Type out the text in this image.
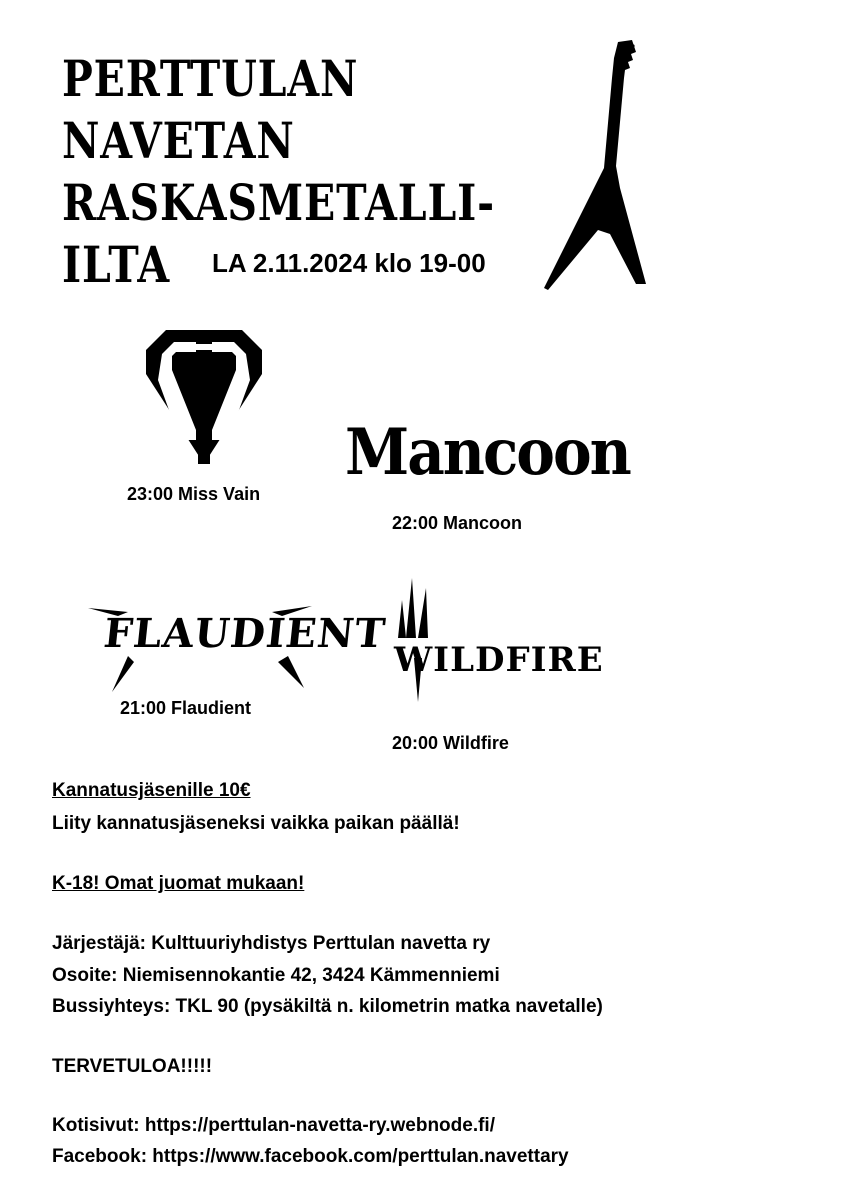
PERTTULAN
NAVETAN
RASKASMETALLI-
ILTA	LA 2.11.2024 klo 19-00
23:00 Miss Vain
Mancoon
22:00 Mancoon
FLAUDIENT
21:00 Flaudient
WILDFIRE
20:00 Wildfire
Kannatusjäsenille 10€
Liity kannatusjäseneksi vaikka paikan päällä!
K-18! Omat juomat mukaan!
Järjestäjä: Kulttuuriyhdistys Perttulan navetta ry
Osoite: Niemisennokantie 42, 3424 Kämmenniemi
Bussiyhteys: TKL 90 (pysäkiltä n. kilometrin matka navetalle)
TERVETULOA!!!!!
Kotisivut: https://perttulan-navetta-ry.webnode.fi/
Facebook: https://www.facebook.com/perttulan.navettary
